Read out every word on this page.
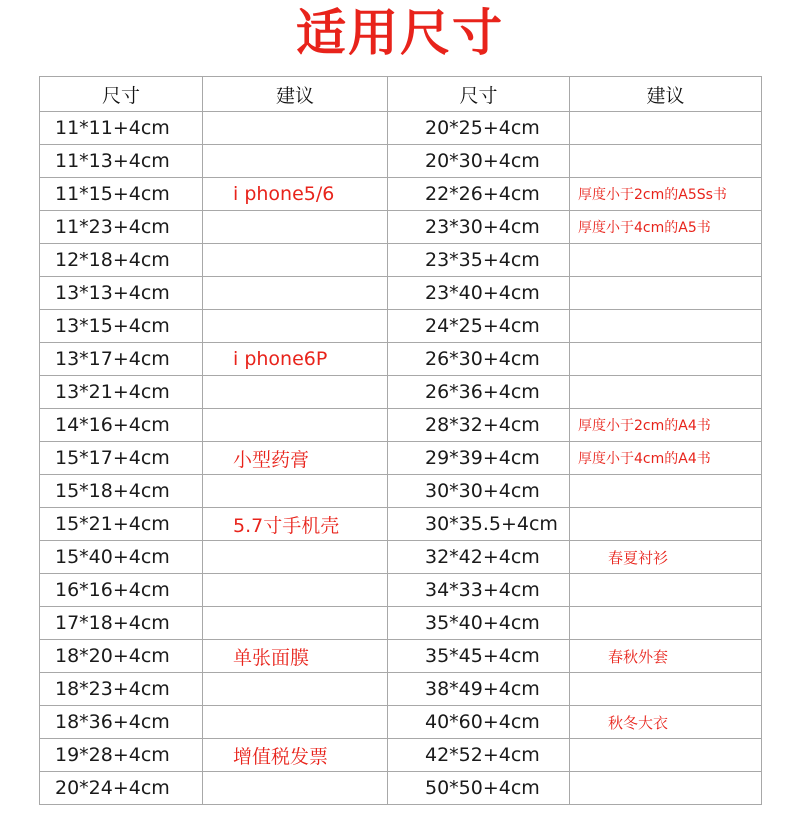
适用尺寸
尺寸	建议	尺寸	建议
11*11+4cm		20*25+4cm	
11*13+4cm		20*30+4cm	
11*15+4cm	i phone5/6	22*26+4cm	厚度小于2cm的A5Ss书
11*23+4cm		23*30+4cm	厚度小于4cm的A5书
12*18+4cm		23*35+4cm	
13*13+4cm		23*40+4cm	
13*15+4cm		24*25+4cm	
13*17+4cm	i phone6P	26*30+4cm	
13*21+4cm		26*36+4cm	
14*16+4cm		28*32+4cm	厚度小于2cm的A4书
15*17+4cm	小型药膏	29*39+4cm	厚度小于4cm的A4书
15*18+4cm		30*30+4cm	
15*21+4cm	5.7寸手机壳	30*35.5+4cm	
15*40+4cm		32*42+4cm	春夏衬衫
16*16+4cm		34*33+4cm	
17*18+4cm		35*40+4cm	
18*20+4cm	单张面膜	35*45+4cm	春秋外套
18*23+4cm		38*49+4cm	
18*36+4cm		40*60+4cm	秋冬大衣
19*28+4cm	增值税发票	42*52+4cm	
20*24+4cm		50*50+4cm	
